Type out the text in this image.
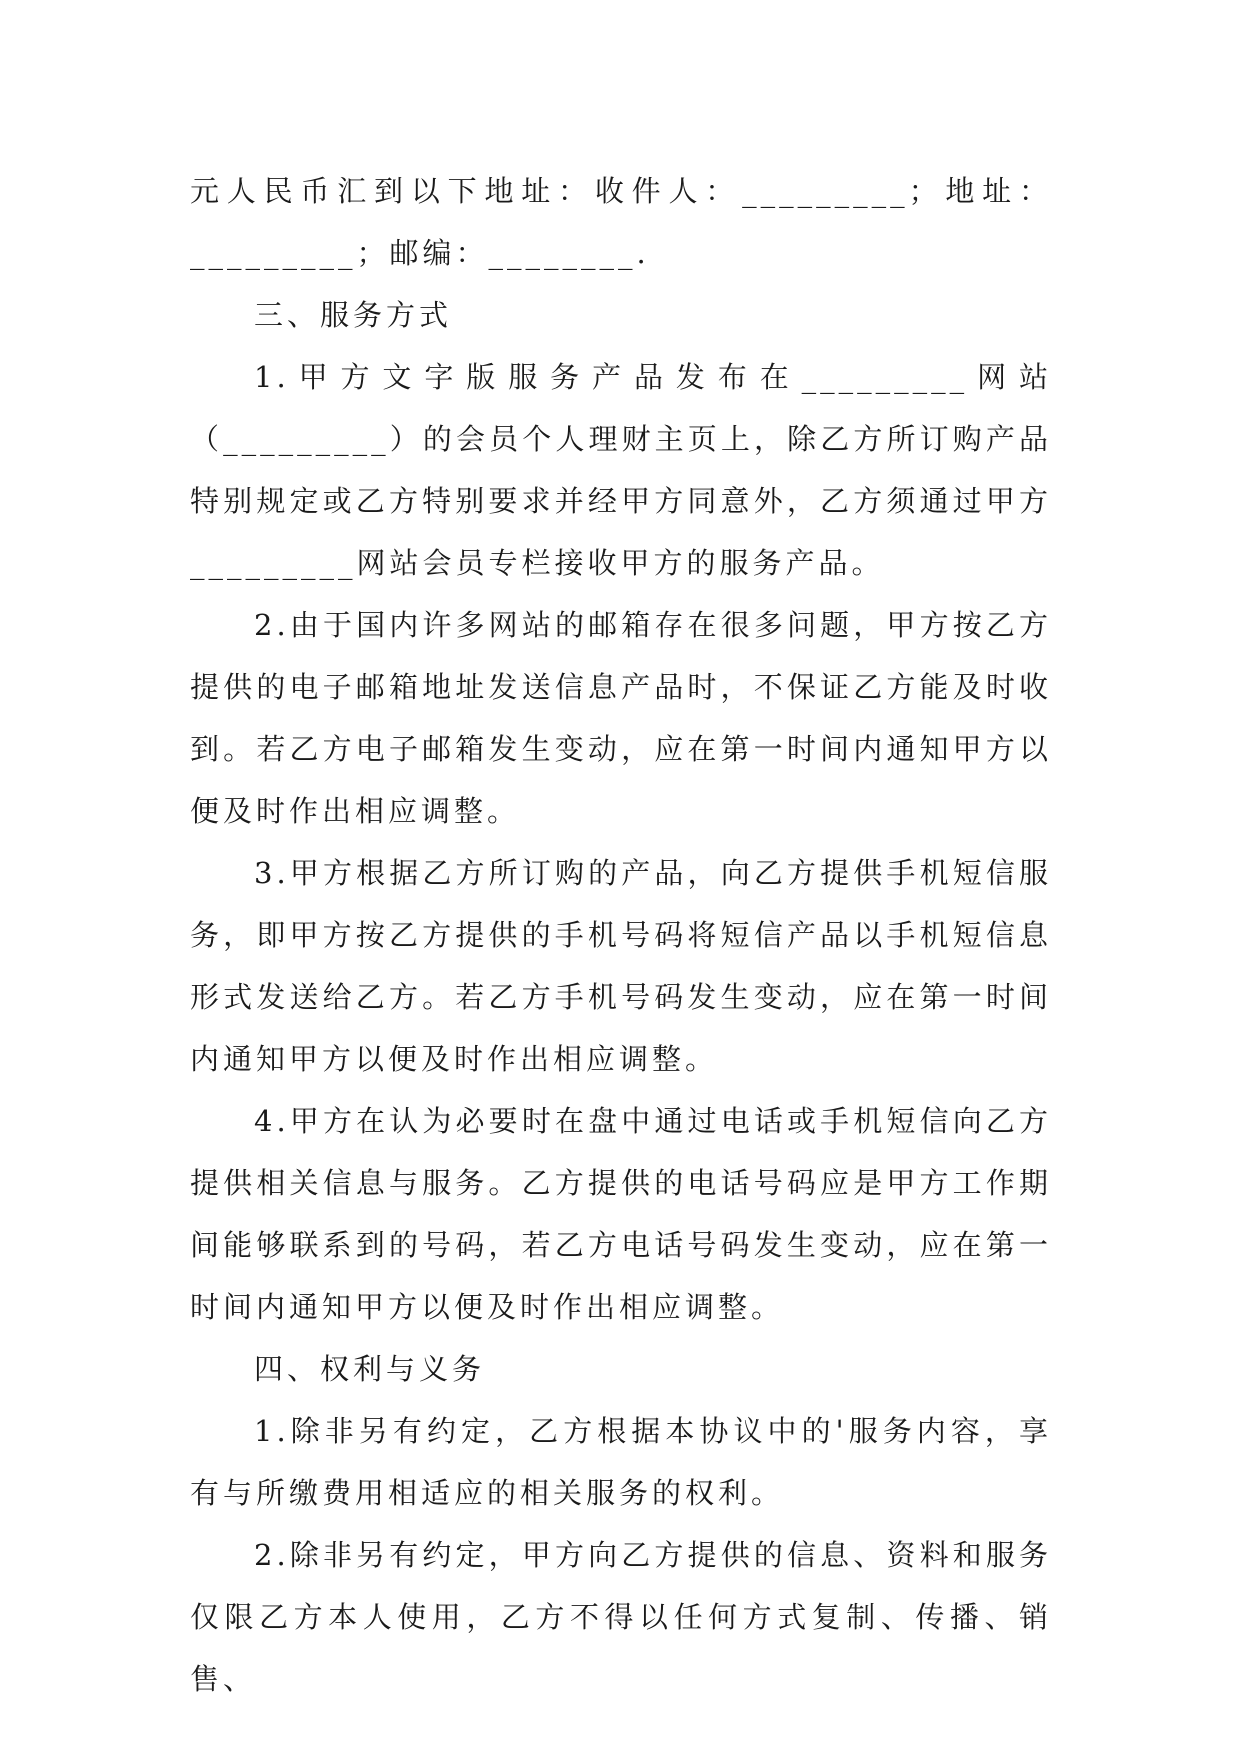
元人民币汇到以下地址：收件人：_________；地址：_________；邮编：________.

三、服务方式

1.甲方文字版服务产品发布在_________网站（_________）的会员个人理财主页上，除乙方所订购产品特别规定或乙方特别要求并经甲方同意外，乙方须通过甲方_________网站会员专栏接收甲方的服务产品。

2.由于国内许多网站的邮箱存在很多问题，甲方按乙方提供的电子邮箱地址发送信息产品时，不保证乙方能及时收到。若乙方电子邮箱发生变动，应在第一时间内通知甲方以便及时作出相应调整。

3.甲方根据乙方所订购的产品，向乙方提供手机短信服务，即甲方按乙方提供的手机号码将短信产品以手机短信息形式发送给乙方。若乙方手机号码发生变动，应在第一时间内通知甲方以便及时作出相应调整。

4.甲方在认为必要时在盘中通过电话或手机短信向乙方提供相关信息与服务。乙方提供的电话号码应是甲方工作期间能够联系到的号码，若乙方电话号码发生变动，应在第一时间内通知甲方以便及时作出相应调整。

四、权利与义务

1.除非另有约定，乙方根据本协议中的'服务内容，享有与所缴费用相适应的相关服务的权利。

2.除非另有约定，甲方向乙方提供的信息、资料和服务仅限乙方本人使用，乙方不得以任何方式复制、传播、销售、
